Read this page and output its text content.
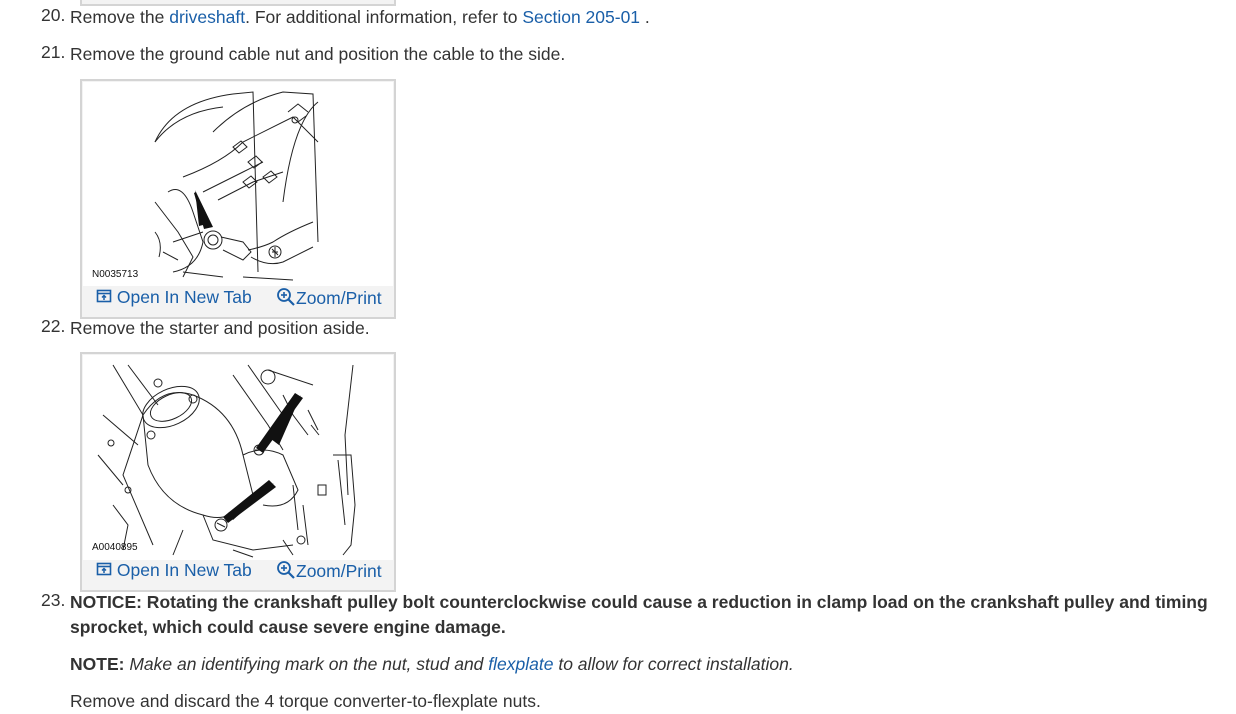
20. Remove the driveshaft. For additional information, refer to Section 205-01 .
21. Remove the ground cable nut and position the cable to the side.
N0035713
Open In New Tab	Zoom/Print
22. Remove the starter and position aside.
A0040895
Open In New Tab	Zoom/Print
23. NOTICE: Rotating the crankshaft pulley bolt counterclockwise could cause a reduction in clamp load on the crankshaft pulley and timing sprocket, which could cause severe engine damage.
NOTE: Make an identifying mark on the nut, stud and flexplate to allow for correct installation.
Remove and discard the 4 torque converter-to-flexplate nuts.
